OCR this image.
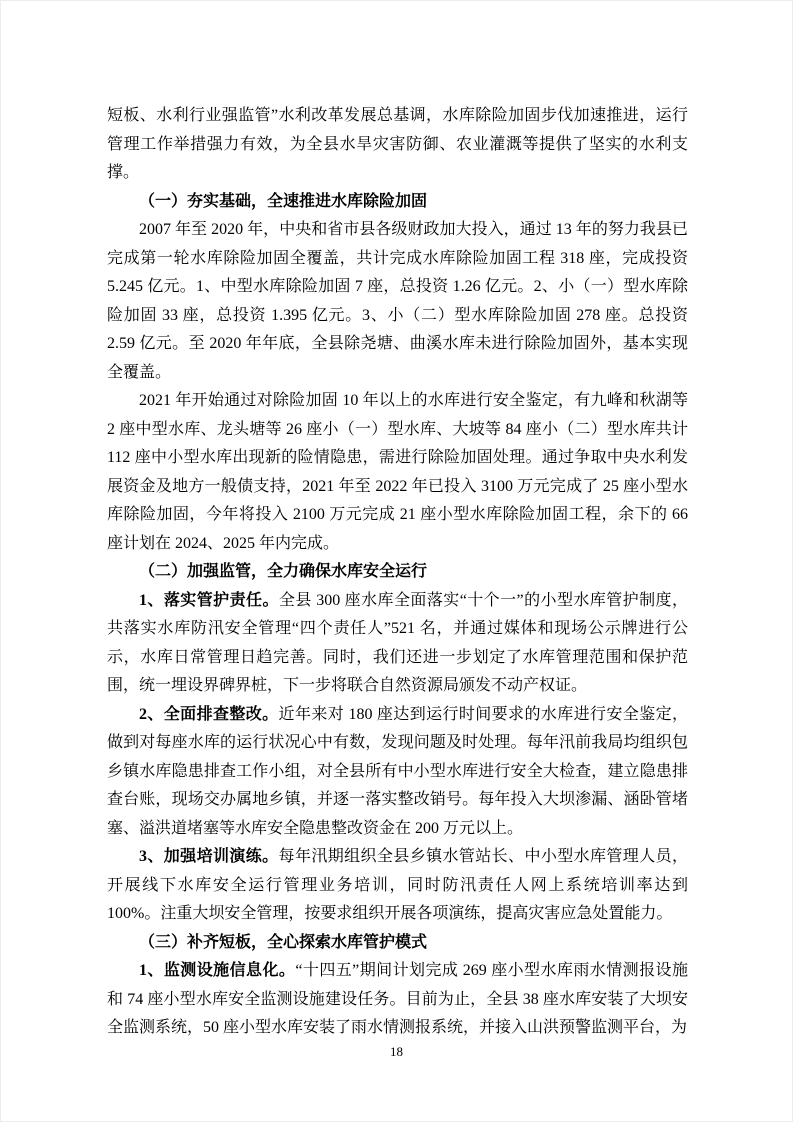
短板、水利行业强监管”水利改革发展总基调，水库除险加固步伐加速推进，运行管理工作举措强力有效，为全县水旱灾害防御、农业灌溉等提供了坚实的水利支撑。

（一）夯实基础，全速推进水库除险加固

2007 年至 2020 年，中央和省市县各级财政加大投入，通过 13 年的努力我县已完成第一轮水库除险加固全覆盖，共计完成水库除险加固工程 318 座，完成投资 5.245 亿元。1、中型水库除险加固 7 座，总投资 1.26 亿元。2、小（一）型水库除险加固 33 座，总投资 1.395 亿元。3、小（二）型水库除险加固 278 座。总投资 2.59 亿元。至 2020 年年底，全县除尧塘、曲溪水库未进行除险加固外，基本实现全覆盖。

2021 年开始通过对除险加固 10 年以上的水库进行安全鉴定，有九峰和秋湖等 2 座中型水库、龙头塘等 26 座小（一）型水库、大坡等 84 座小（二）型水库共计 112 座中小型水库出现新的险情隐患，需进行除险加固处理。通过争取中央水利发展资金及地方一般债支持，2021 年至 2022 年已投入 3100 万元完成了 25 座小型水库除险加固，今年将投入 2100 万元完成 21 座小型水库除险加固工程，余下的 66 座计划在 2024、2025 年内完成。

（二）加强监管，全力确保水库安全运行

1、落实管护责任。全县 300 座水库全面落实“十个一”的小型水库管护制度，共落实水库防汛安全管理“四个责任人”521 名，并通过媒体和现场公示牌进行公示，水库日常管理日趋完善。同时，我们还进一步划定了水库管理范围和保护范围，统一埋设界碑界桩，下一步将联合自然资源局颁发不动产权证。

2、全面排查整改。近年来对 180 座达到运行时间要求的水库进行安全鉴定，做到对每座水库的运行状况心中有数，发现问题及时处理。每年汛前我局均组织包乡镇水库隐患排查工作小组，对全县所有中小型水库进行安全大检查，建立隐患排查台账，现场交办属地乡镇，并逐一落实整改销号。每年投入大坝渗漏、涵卧管堵塞、溢洪道堵塞等水库安全隐患整改资金在 200 万元以上。

3、加强培训演练。每年汛期组织全县乡镇水管站长、中小型水库管理人员，开展线下水库安全运行管理业务培训，同时防汛责任人网上系统培训率达到 100%。注重大坝安全管理，按要求组织开展各项演练，提高灾害应急处置能力。

（三）补齐短板，全心探索水库管护模式

1、监测设施信息化。“十四五”期间计划完成 269 座小型水库雨水情测报设施和 74 座小型水库安全监测设施建设任务。目前为止，全县 38 座水库安装了大坝安全监测系统，50 座小型水库安装了雨水情测报系统，并接入山洪预警监测平台，为

18
